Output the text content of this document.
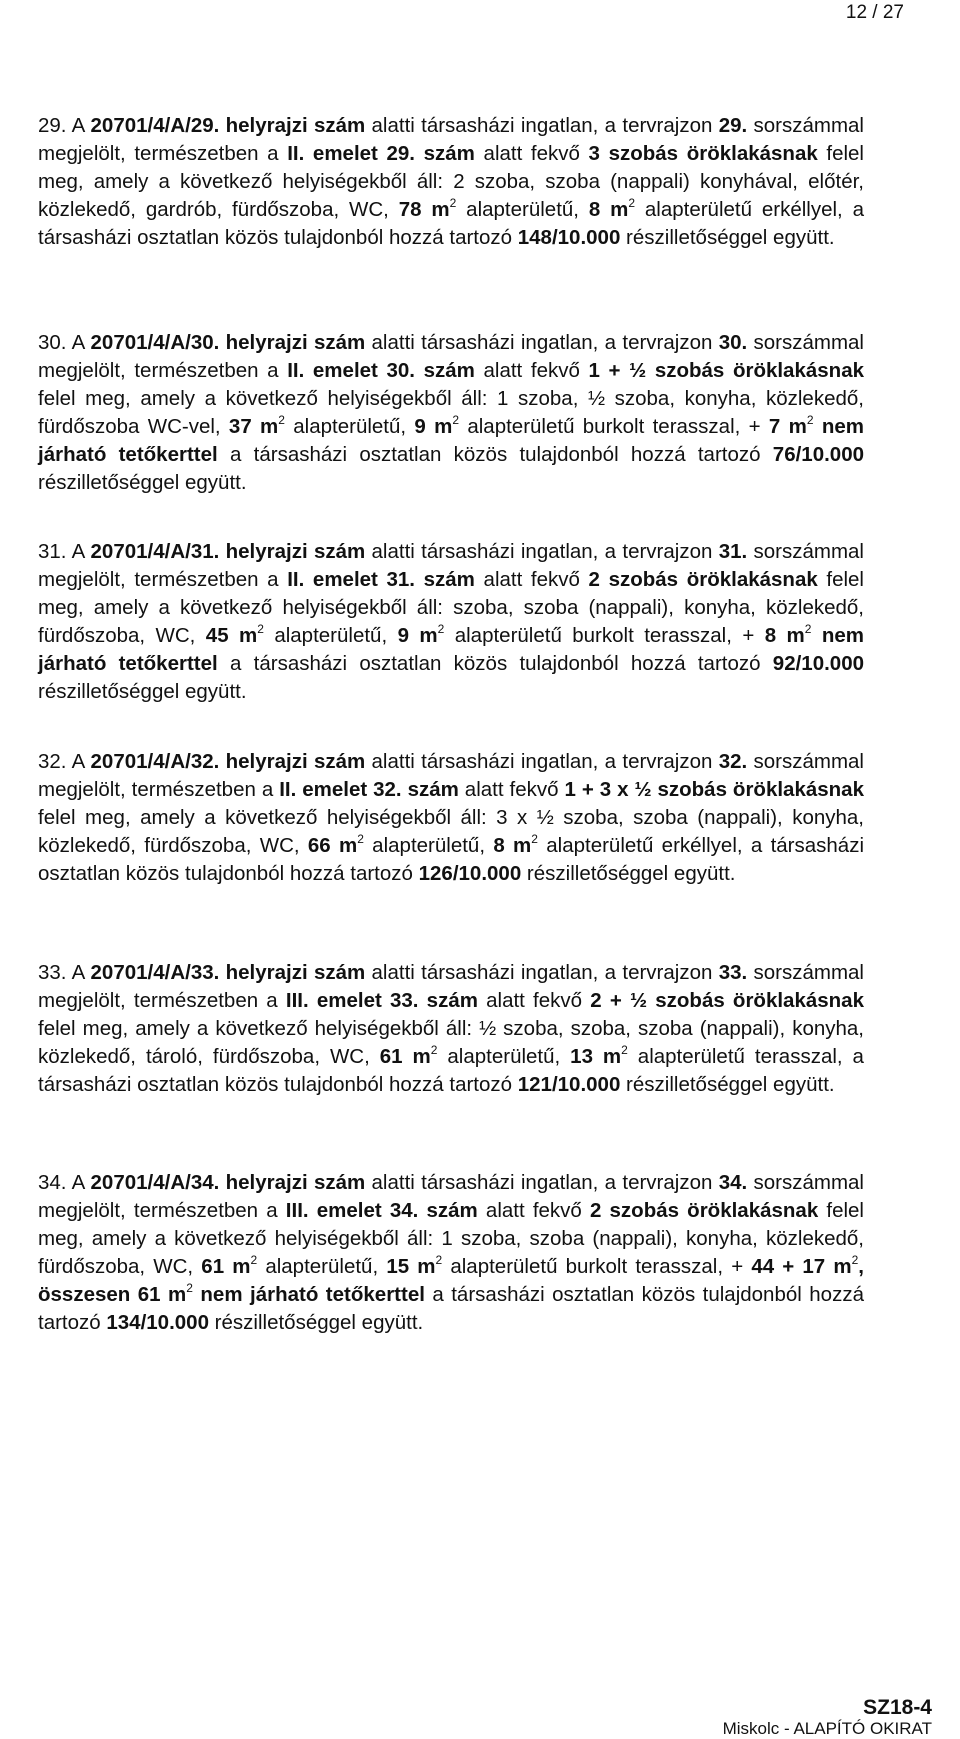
12 / 27
29. A 20701/4/A/29. helyrajzi szám alatti társasházi ingatlan, a tervrajzon 29. sorszámmal megjelölt, természetben a II. emelet 29. szám alatt fekvő 3 szobás öröklakásnak felel meg, amely a következő helyiségekből áll: 2 szoba, szoba (nappali) konyhával, előtér, közlekedő, gardrób, fürdőszoba, WC, 78 $m^2$ alapterületű, 8 $m^2$ alapterületű erkéllyel, a társasházi osztatlan közös tulajdonból hozzá tartozó 148/10.000 részilletőséggel együtt.
30. A 20701/4/A/30. helyrajzi szám alatti társasházi ingatlan, a tervrajzon 30. sorszámmal megjelölt, természetben a II. emelet 30. szám alatt fekvő 1 + ½ szobás öröklakásnak felel meg, amely a következő helyiségekből áll: 1 szoba, ½ szoba, konyha, közlekedő, fürdőszoba WC-vel, 37 $m^2$ alapterületű, 9 $m^2$ alapterületű burkolt terasszal, + 7 $m^2$ nem járható tetőkerttel a társasházi osztatlan közös tulajdonból hozzá tartozó 76/10.000 részilletőséggel együtt.
31. A 20701/4/A/31. helyrajzi szám alatti társasházi ingatlan, a tervrajzon 31. sorszámmal megjelölt, természetben a II. emelet 31. szám alatt fekvő 2 szobás öröklakásnak felel meg, amely a következő helyiségekből áll: szoba, szoba (nappali), konyha, közlekedő, fürdőszoba, WC, 45 $m^2$ alapterületű, 9 $m^2$ alapterületű burkolt terasszal, + 8 $m^2$ nem járható tetőkerttel a társasházi osztatlan közös tulajdonból hozzá tartozó 92/10.000 részilletőséggel együtt.
32. A 20701/4/A/32. helyrajzi szám alatti társasházi ingatlan, a tervrajzon 32. sorszámmal megjelölt, természetben a II. emelet 32. szám alatt fekvő 1 + 3 x ½ szobás öröklakásnak felel meg, amely a következő helyiségekből áll: 3 x ½ szoba, szoba (nappali), konyha, közlekedő, fürdőszoba, WC, 66 $m^2$ alapterületű, 8 $m^2$ alapterületű erkéllyel, a társasházi osztatlan közös tulajdonból hozzá tartozó 126/10.000 részilletőséggel együtt.
33. A 20701/4/A/33. helyrajzi szám alatti társasházi ingatlan, a tervrajzon 33. sorszámmal megjelölt, természetben a III. emelet 33. szám alatt fekvő 2 + ½ szobás öröklakásnak felel meg, amely a következő helyiségekből áll: ½ szoba, szoba, szoba (nappali), konyha, közlekedő, tároló, fürdőszoba, WC, 61 $m^2$ alapterületű, 13 $m^2$ alapterületű terasszal, a társasházi osztatlan közös tulajdonból hozzá tartozó 121/10.000 részilletőséggel együtt.
34. A 20701/4/A/34. helyrajzi szám alatti társasházi ingatlan, a tervrajzon 34. sorszámmal megjelölt, természetben a III. emelet 34. szám alatt fekvő 2 szobás öröklakásnak felel meg, amely a következő helyiségekből áll: 1 szoba, szoba (nappali), konyha, közlekedő, fürdőszoba, WC, 61 $m^2$ alapterületű, 15 $m^2$ alapterületű burkolt terasszal, + 44 + 17 $m^2$, összesen 61 $m^2$ nem járható tetőkerttel a társasházi osztatlan közös tulajdonból hozzá tartozó 134/10.000 részilletőséggel együtt.
SZ18-4
Miskolc - ALAPÍTÓ OKIRAT
